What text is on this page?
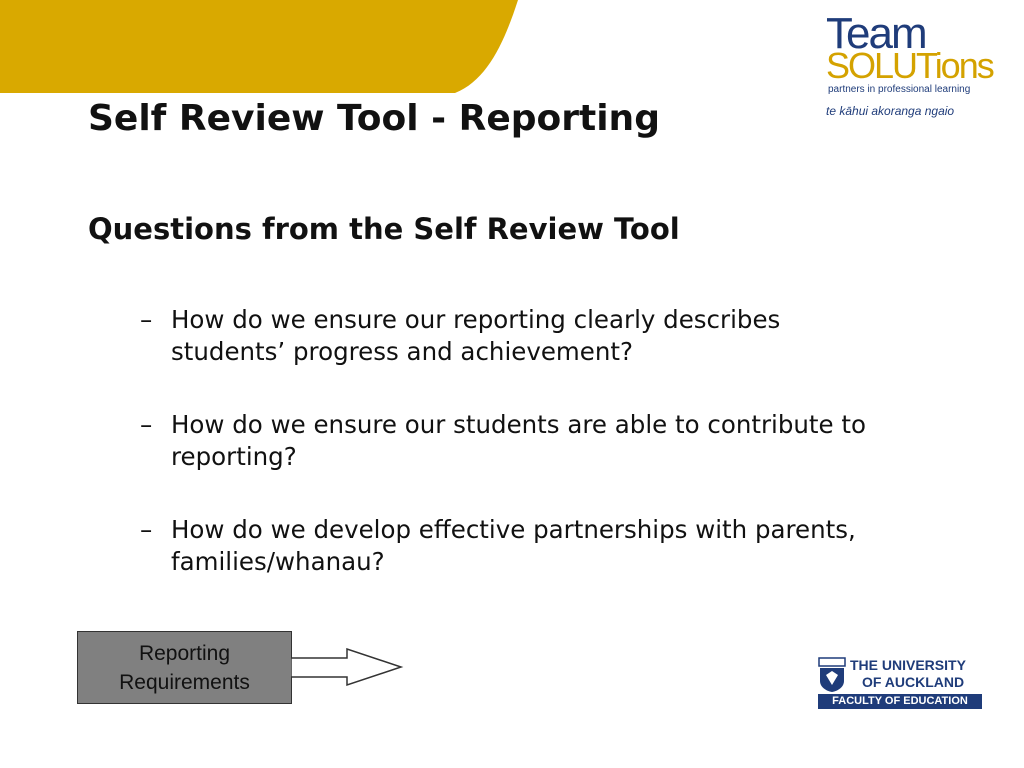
Self Review Tool - Reporting
Questions from the Self Review Tool
– How do we ensure our reporting clearly describes students’ progress and achievement?
– How do we ensure our students are able to contribute to reporting?
– How do we develop effective partnerships with parents, families/whanau?
Team
SOLUTions
partners in professional learning
te kāhui akoranga ngaio
Reporting
Requirements
THE UNIVERSITY
OF AUCKLAND
FACULTY OF EDUCATION
